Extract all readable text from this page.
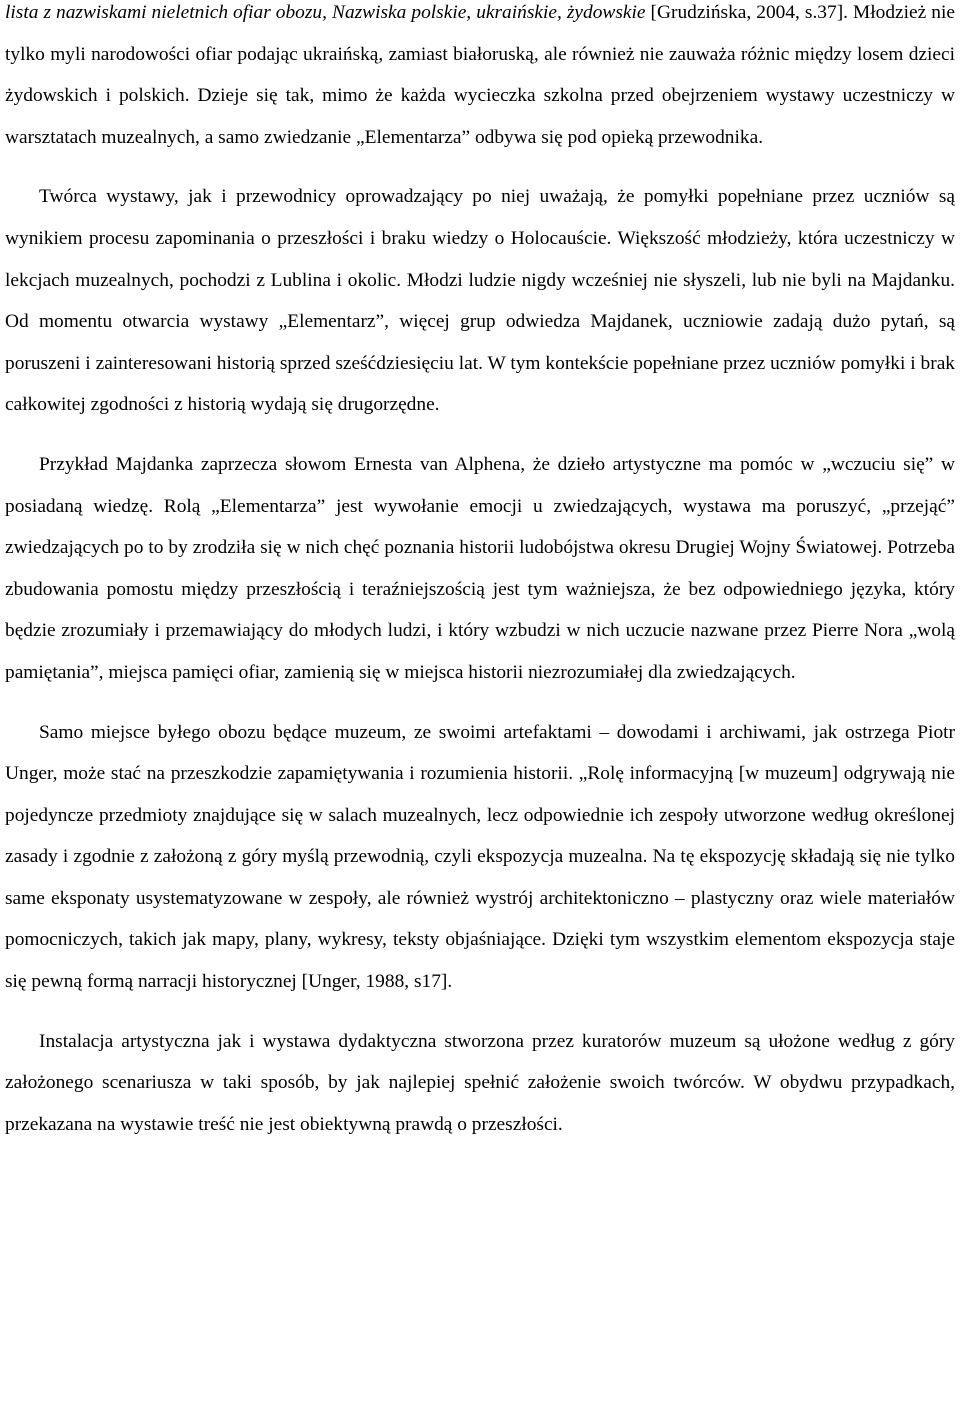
lista z nazwiskami nieletnich ofiar obozu, Nazwiska polskie, ukraińskie, żydowskie [Grudzińska, 2004, s.37]. Młodzież nie tylko myli narodowości ofiar podając ukraińską, zamiast białoruską, ale również nie zauważa różnic między losem dzieci żydowskich i polskich. Dzieje się tak, mimo że każda wycieczka szkolna przed obejrzeniem wystawy uczestniczy w warsztatach muzealnych, a samo zwiedzanie „Elementarza” odbywa się pod opieką przewodnika.

Twórca wystawy, jak i przewodnicy oprowadzający po niej uważają, że pomyłki popełniane przez uczniów są wynikiem procesu zapominania o przeszłości i braku wiedzy o Holocauście. Większość młodzieży, która uczestniczy w lekcjach muzealnych, pochodzi z Lublina i okolic. Młodzi ludzie nigdy wcześniej nie słyszeli, lub nie byli na Majdanku. Od momentu otwarcia wystawy „Elementarz”, więcej grup odwiedza Majdanek, uczniowie zadają dużo pytań, są poruszeni i zainteresowani historią sprzed sześćdziesięciu lat. W tym kontekście popełniane przez uczniów pomyłki i brak całkowitej zgodności z historią wydają się drugorzędne.

Przykład Majdanka zaprzecza słowom Ernesta van Alphena, że dzieło artystyczne ma pomóc w „wczuciu się” w posiadaną wiedzę. Rolą „Elementarza” jest wywołanie emocji u zwiedzających, wystawa ma poruszyć, „przejąć” zwiedzających po to by zrodziła się w nich chęć poznania historii ludobójstwa okresu Drugiej Wojny Światowej. Potrzeba zbudowania pomostu między przeszłością i teraźniejszością jest tym ważniejsza, że bez odpowiedniego języka, który będzie zrozumiały i przemawiający do młodych ludzi, i który wzbudzi w nich uczucie nazwane przez Pierre Nora „wolą pamiętania”, miejsca pamięci ofiar, zamienią się w miejsca historii niezrozumiałej dla zwiedzających.

Samo miejsce byłego obozu będące muzeum, ze swoimi artefaktami – dowodami i archiwami, jak ostrzega Piotr Unger, może stać na przeszkodzie zapamiętywania i rozumienia historii. „Rolę informacyjną [w muzeum] odgrywają nie pojedyncze przedmioty znajdujące się w salach muzealnych, lecz odpowiednie ich zespoły utworzone według określonej zasady i zgodnie z założoną z góry myślą przewodnią, czyli ekspozycja muzealna. Na tę ekspozycję składają się nie tylko same eksponaty usystematyzowane w zespoły, ale również wystrój architektoniczno – plastyczny oraz wiele materiałów pomocniczych, takich jak mapy, plany, wykresy, teksty objaśniające. Dzięki tym wszystkim elementom ekspozycja staje się pewną formą narracji historycznej [Unger, 1988, s17].

Instalacja artystyczna jak i wystawa dydaktyczna stworzona przez kuratorów muzeum są ułożone według z góry założonego scenariusza w taki sposób, by jak najlepiej spełnić założenie swoich twórców. W obydwu przypadkach, przekazana na wystawie treść nie jest obiektywną prawdą o przeszłości.
